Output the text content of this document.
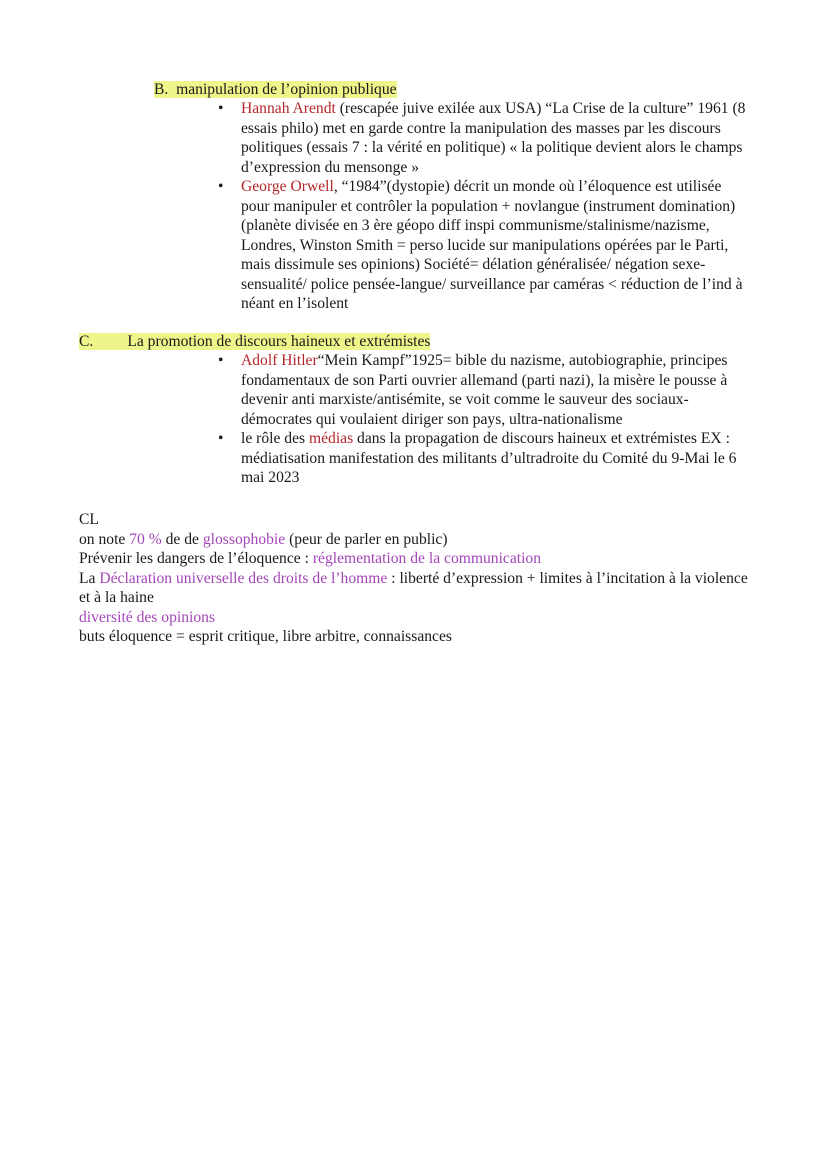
B. manipulation de l’opinion publique
• Hannah Arendt (rescapée juive exilée aux USA) “La Crise de la culture” 1961 (8 essais philo) met en garde contre la manipulation des masses par les discours politiques (essais 7 : la vérité en politique) « la politique devient alors le champs d’expression du mensonge »
• George Orwell, “1984”(dystopie) décrit un monde où l’éloquence est utilisée pour manipuler et contrôler la population + novlangue (instrument domination) (planète divisée en 3 ère géopo diff inspi communisme/stalinisme/nazisme, Londres, Winston Smith = perso lucide sur manipulations opérées par le Parti, mais dissimule ses opinions) Société= délation généralisée/ négation sexe-sensualité/ police pensée-langue/ surveillance par caméras < réduction de l’ind à néant en l’isolent
C. La promotion de discours haineux et extrémistes
• Adolf Hitler“Mein Kampf”1925= bible du nazisme, autobiographie, principes fondamentaux de son Parti ouvrier allemand (parti nazi), la misère le pousse à devenir anti marxiste/antisémite, se voit comme le sauveur des sociaux-démocrates qui voulaient diriger son pays, ultra-nationalisme
• le rôle des médias dans la propagation de discours haineux et extrémistes EX : médiatisation manifestation des militants d’ultradroite du Comité du 9-Mai le 6 mai 2023

CL

on note 70 % de de glossophobie (peur de parler en public)

Prévenir les dangers de l’éloquence : réglementation de la communication

La Déclaration universelle des droits de l’homme : liberté d’expression + limites à l’incitation à la violence et à la haine

diversité des opinions

buts éloquence = esprit critique, libre arbitre, connaissances
